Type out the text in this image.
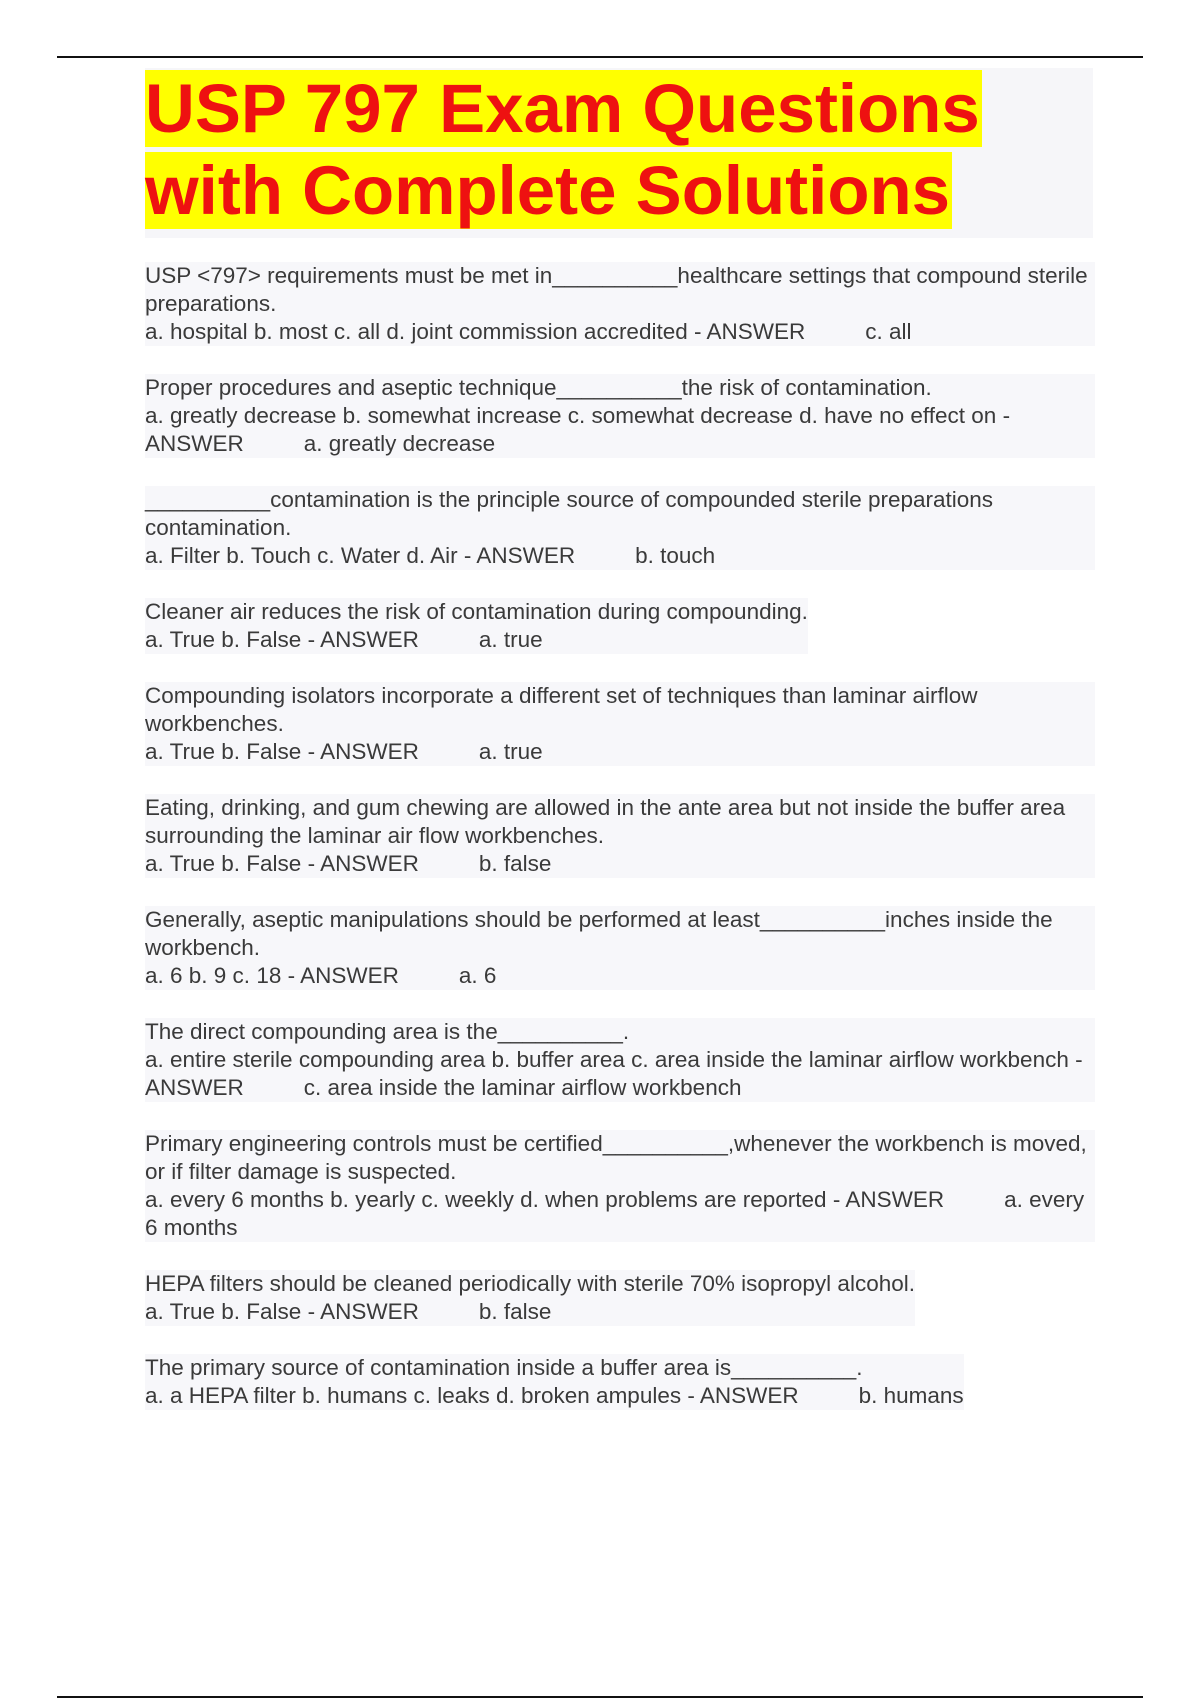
USP 797 Exam Questions
with Complete Solutions

USP <797> requirements must be met in__________healthcare settings that compound sterile preparations.

a. hospital b. most c. all d. joint commission accredited - ANSWER	c. all

Proper procedures and aseptic technique__________the risk of contamination.

a. greatly decrease b. somewhat increase c. somewhat decrease d. have no effect on - ANSWER	a. greatly decrease

__________contamination is the principle source of compounded sterile preparations contamination.

a. Filter b. Touch c. Water d. Air - ANSWER	b. touch

Cleaner air reduces the risk of contamination during compounding.

a. True b. False - ANSWER	a. true

Compounding isolators incorporate a different set of techniques than laminar airflow workbenches.

a. True b. False - ANSWER	a. true

Eating, drinking, and gum chewing are allowed in the ante area but not inside the buffer area surrounding the laminar air flow workbenches.

a. True b. False - ANSWER	b. false

Generally, aseptic manipulations should be performed at least__________inches inside the workbench.

a. 6 b. 9 c. 18 - ANSWER	a. 6

The direct compounding area is the__________.

a. entire sterile compounding area b. buffer area c. area inside the laminar airflow workbench - ANSWER	c. area inside the laminar airflow workbench

Primary engineering controls must be certified__________,whenever the workbench is moved, or if filter damage is suspected.

a. every 6 months b. yearly c. weekly d. when problems are reported - ANSWER	a. every 6 months

HEPA filters should be cleaned periodically with sterile 70% isopropyl alcohol.

a. True b. False - ANSWER	b. false

The primary source of contamination inside a buffer area is__________.

a. a HEPA filter b. humans c. leaks d. broken ampules - ANSWER	b. humans
